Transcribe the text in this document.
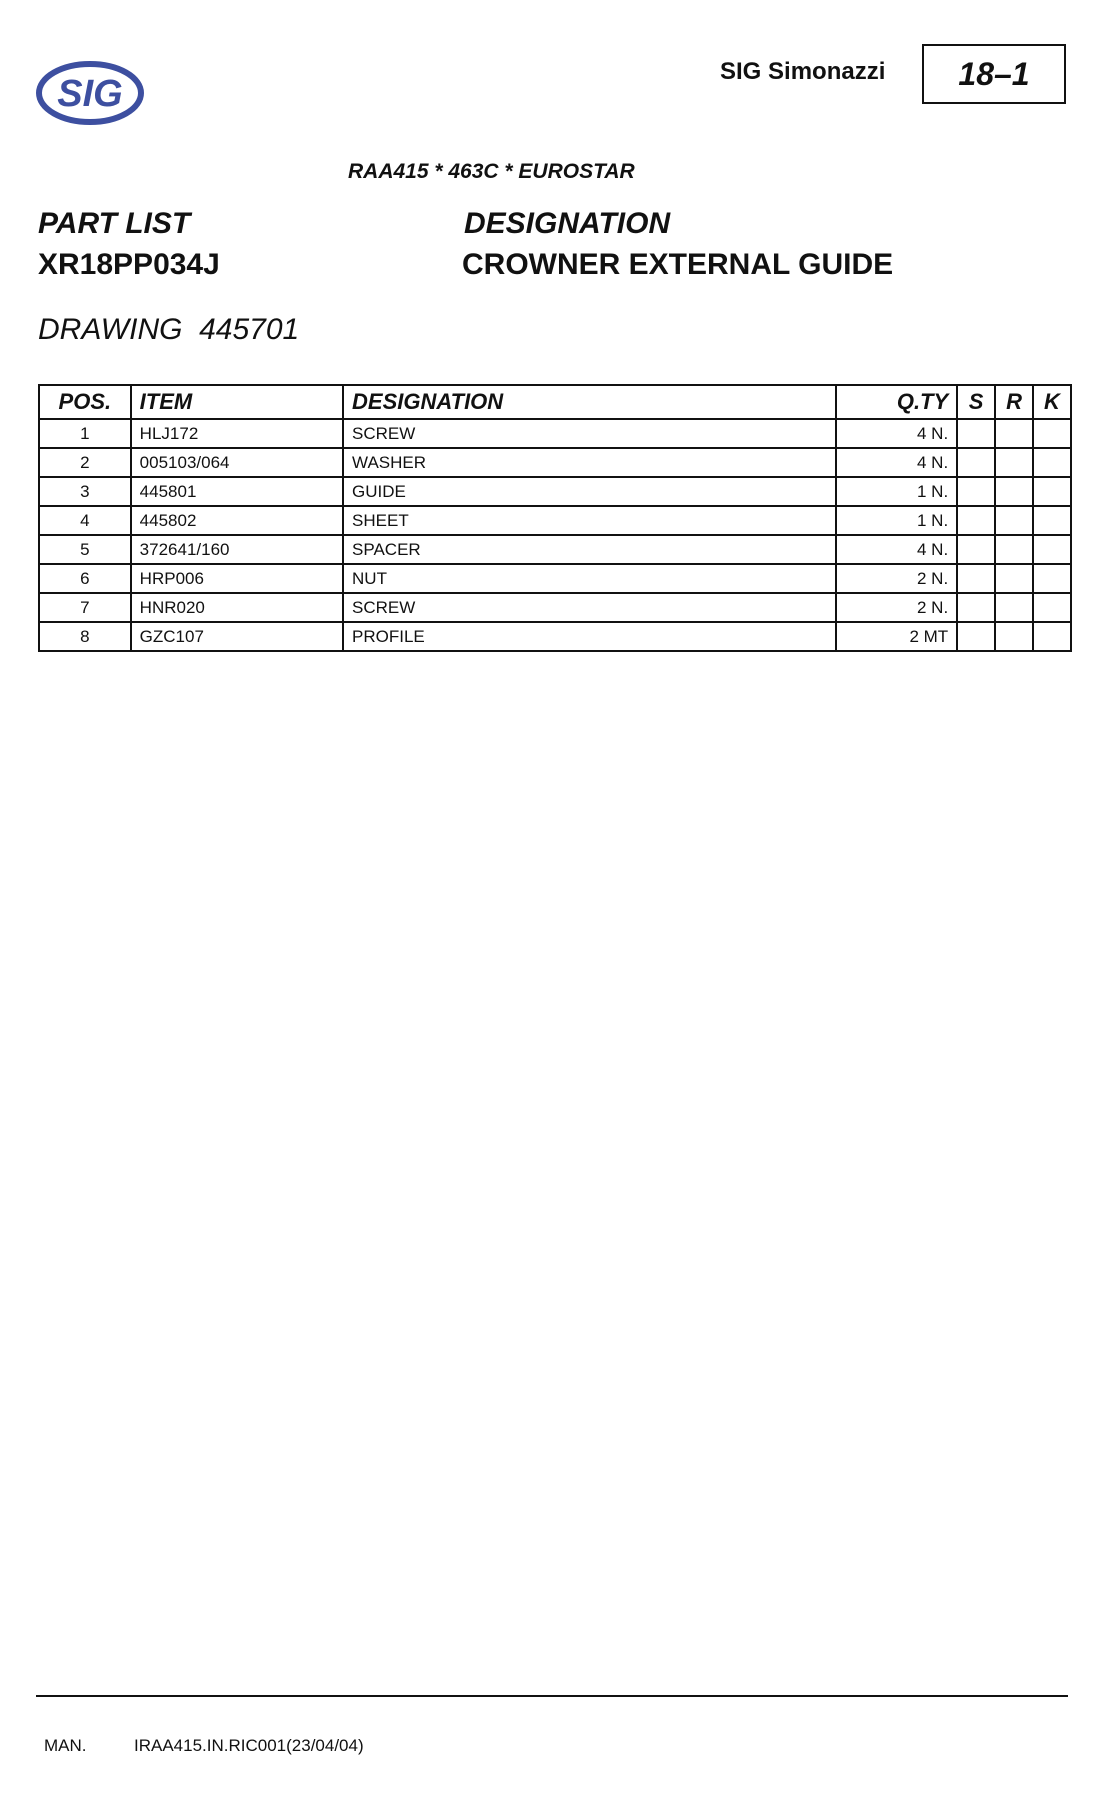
SIG
SIG Simonazzi	18–1
RAA415 * 463C * EUROSTAR
PART LIST	DESIGNATION
XR18PP034J	CROWNER EXTERNAL GUIDE
DRAWING  445701
POS.	ITEM	DESIGNATION	Q.TY	S	R	K
1	HLJ172	SCREW	4 N.			
2	005103/064	WASHER	4 N.			
3	445801	GUIDE	1 N.			
4	445802	SHEET	1 N.			
5	372641/160	SPACER	4 N.			
6	HRP006	NUT	2 N.			
7	HNR020	SCREW	2 N.			
8	GZC107	PROFILE	2 MT			
MAN.	IRAA415.IN.RIC001(23/04/04)
